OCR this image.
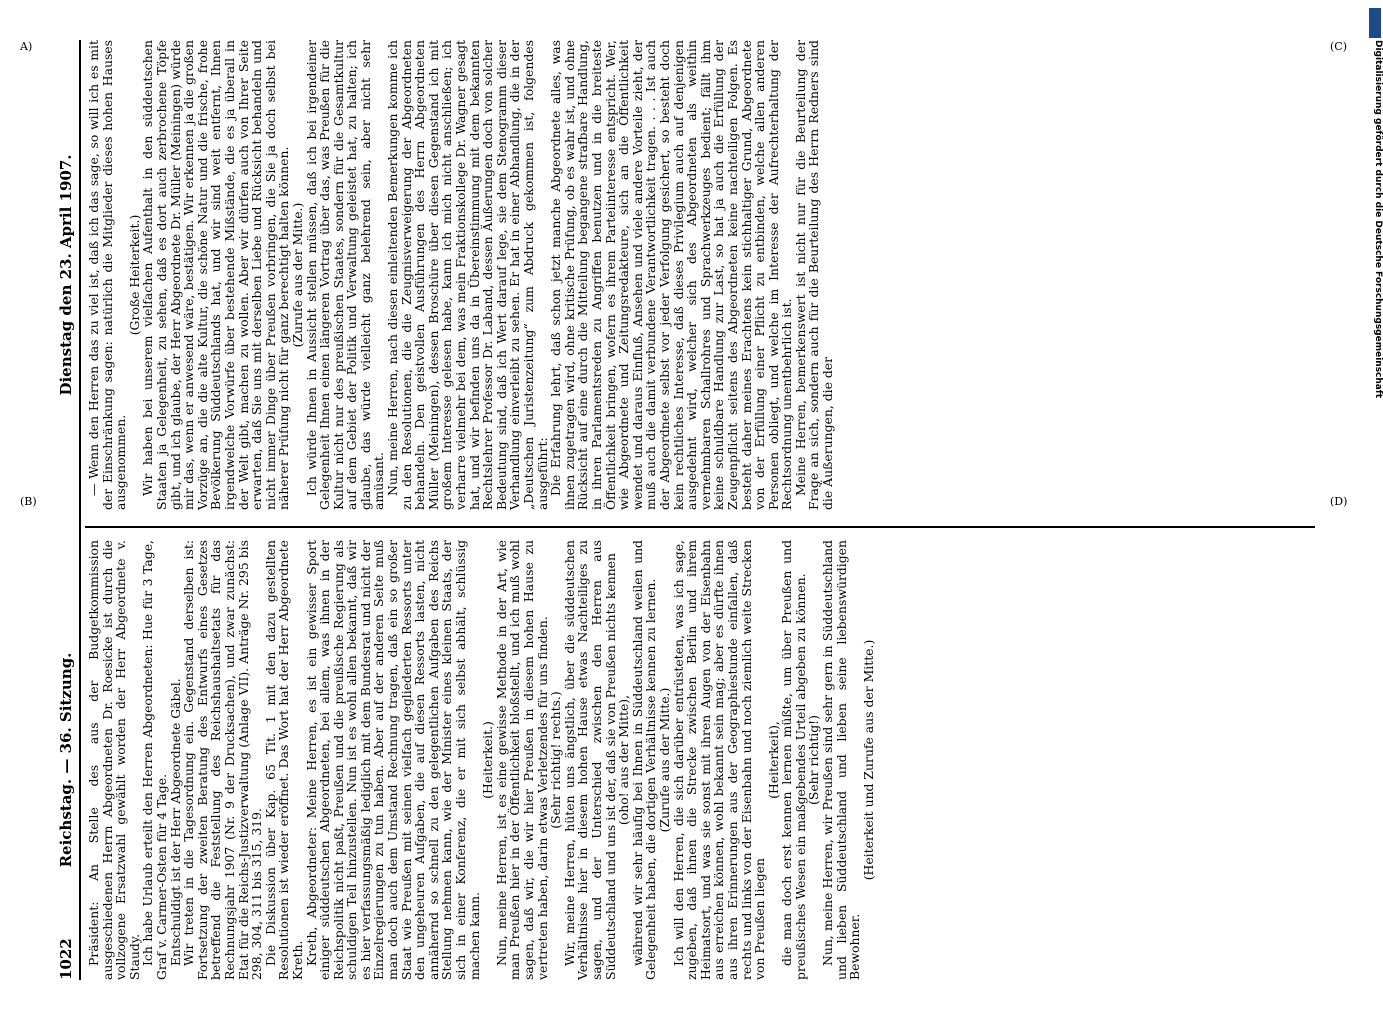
1022
Reichstag. — 36. Sitzung.
Dienstag den 23. April 1907.

Präsident: An Stelle des aus der Budgetkommission ausgeschiedenen Herrn Abgeordneten Dr. Roesicke ist durch die vollzogene Ersatzwahl gewählt worden der Herr Abgeordnete v. Staudy.

Ich habe Urlaub erteilt den Herren Abgeordneten: Hue für 3 Tage, Graf v. Carmer-Osten für 4 Tage.

Entschuldigt ist der Herr Abgeordnete Gäbel.

Wir treten in die Tagesordnung ein. Gegenstand derselben ist: Fortsetzung der zweiten Beratung des Entwurfs eines Gesetzes betreffend die Feststellung des Reichshaushaltsetats für das Rechnungsjahr 1907 (Nr. 9 der Drucksachen), und zwar zunächst: Etat für die Reichs-Justizverwaltung (Anlage VII). Anträge Nr. 295 bis 298, 304, 311 bis 315, 319.

Die Diskussion über Kap. 65 Tit. 1 mit den dazu gestellten Resolutionen ist wieder eröffnet. Das Wort hat der Herr Abgeordnete Kreth.

Kreth, Abgeordneter: Meine Herren, es ist ein gewisser Sport einiger süddeutschen Abgeordneten, bei allem, was ihnen in der Reichspolitik nicht paßt, Preußen und die preußische Regierung als schuldigen Teil hinzustellen. Nun ist es wohl allen bekannt, daß wir es hier verfassungsmäßig lediglich mit dem Bundesrat und nicht der Einzelregierungen zu tun haben. Aber auf der anderen Seite muß man doch auch dem Umstand Rechnung tragen, daß ein so großer Staat wie Preußen mit seinen vielfach gegliederten Ressorts unter den ungeheuren Aufgaben, die auf diesen Ressorts lasten, nicht annähernd so schnell zu den gelegentlichen Aufgaben des Reichs Stellung nehmen kann, wie der Minister eines kleinen Staats, der sich in einer Konferenz, die er mit sich selbst abhält, schlüssig machen kann.

(Heiterkeit.)

Nun, meine Herren, ist es eine gewisse Methode in der Art, wie man Preußen hier in der Öffentlichkeit bloßstellt, und ich muß wohl sagen, daß wir, die wir hier Preußen in diesem hohen Hause zu vertreten haben, darin etwas Verletzendes für uns finden.

(Sehr richtig! rechts.)

Wir, meine Herren, hüten uns ängstlich, über die süddeutschen Verhältnisse hier in diesem hohen Hause etwas Nachteiliges zu sagen, und der Unterschied zwischen den Herren aus Süddeutschland und uns ist der, daß sie von Preußen nichts kennen

(oho! aus der Mitte),

während wir sehr häufig bei Ihnen in Süddeutschland weilen und Gelegenheit haben, die dortigen Verhältnisse kennen zu lernen.

(Zurufe aus der Mitte.)

Ich will den Herren, die sich darüber entrüsteten, was ich sage, zugeben, daß ihnen die Strecke zwischen Berlin und ihrem Heimatsort, und was sie sonst mit ihren Augen von der Eisenbahn aus erreichen können, wohl bekannt sein mag; aber es dürfte ihnen aus ihren Erinnerungen aus der Geographiestunde einfallen, daß rechts und links von der Eisenbahn und noch ziemlich weite Strecken von Preußen liegen

(Heiterkeit),

die man doch erst kennen lernen müßte, um über Preußen und preußisches Wesen ein maßgebendes Urteil abgeben zu können.

(Sehr richtig!)

Nun, meine Herren, wir Preußen sind sehr gern in Süddeutschland und lieben Süddeutschland und lieben seine liebenswürdigen Bewohner.

(Heiterkeit und Zurufe aus der Mitte.)

— Wenn den Herren das zu viel ist, daß ich das sage, so will ich es mit der Einschränkung sagen: natürlich die Mitglieder dieses hohen Hauses ausgenommen.

(Große Heiterkeit.)

Wir haben bei unserem vielfachen Aufenthalt in den süddeutschen Staaten ja Gelegenheit, zu sehen, daß es dort auch zerbrochene Töpfe gibt, und ich glaube, der Herr Abgeordnete Dr. Müller (Meiningen) würde mir das, wenn er anwesend wäre, bestätigen. Wir erkennen ja die großen Vorzüge an, die die alte Kultur, die schöne Natur und die frische, frohe Bevölkerung Süddeutschlands hat, und wir sind weit entfernt, Ihnen irgendwelche Vorwürfe über bestehende Mißstände, die es ja überall in der Welt gibt, machen zu wollen. Aber wir dürfen auch von Ihrer Seite erwarten, daß Sie uns mit derselben Liebe und Rücksicht behandeln und nicht immer Dinge über Preußen vorbringen, die Sie ja doch selbst bei näherer Prüfung nicht für ganz berechtigt halten können.

(Zurufe aus der Mitte.)

Ich würde Ihnen in Aussicht stellen müssen, daß ich bei irgendeiner Gelegenheit Ihnen einen längeren Vortrag über das, was Preußen für die Kultur nicht nur des preußischen Staates, sondern für die Gesamtkultur auf dem Gebiet der Politik und Verwaltung geleistet hat, zu halten; ich glaube, das würde vielleicht ganz belehrend sein, aber nicht sehr amüsant.

Nun, meine Herren, nach diesen einleitenden Bemerkungen komme ich zu den Resolutionen, die die Zeugnisverweigerung der Abgeordneten behandeln. Den geistvollen Ausführungen des Herrn Abgeordneten Müller (Meiningen), dessen Broschüre über diesen Gegenstand ich mit großem Interesse gelesen habe, kann ich mich nicht anschließen; ich verharre vielmehr bei dem, was mein Fraktionskollege Dr. Wagner gesagt hat, und wir befinden uns da in Übereinstimmung mit dem bekannten Rechtslehrer Professor Dr. Laband, dessen Äußerungen doch von solcher Bedeutung sind, daß ich Wert darauf lege, sie dem Stenogramm dieser Verhandlung einverleibt zu sehen. Er hat in einer Abhandlung, die in der „Deutschen Juristenzeitung“ zum Abdruck gekommen ist, folgendes ausgeführt:

Die Erfahrung lehrt, daß schon jetzt manche Abgeordnete alles, was ihnen zugetragen wird, ohne kritische Prüfung, ob es wahr ist, und ohne Rücksicht auf eine durch die Mitteilung begangene strafbare Handlung, in ihren Parlamentsreden zu Angriffen benutzen und in die breiteste Öffentlichkeit bringen, wofern es ihrem Parteiinteresse entspricht. Wer, wie Abgeordnete und Zeitungsredakteure, sich an die Öffentlichkeit wendet und daraus Einfluß, Ansehen und viele andere Vorteile zieht, der muß auch die damit verbundene Verantwortlichkeit tragen. . . . Ist auch der Abgeordnete selbst vor jeder Verfolgung gesichert, so besteht doch kein rechtliches Interesse, daß dieses Privilegium auch auf denjenigen ausgedehnt wird, welcher sich des Abgeordneten als weithin vernehmbaren Schallrohres und Sprachwerkzeuges bedient; fällt ihm keine schuldbare Handlung zur Last, so hat ja auch die Erfüllung der Zeugenpflicht seitens des Abgeordneten keine nachteiligen Folgen. Es besteht daher meines Erachtens kein stichhaltiger Grund, Abgeordnete von der Erfüllung einer Pflicht zu entbinden, welche allen anderen Personen obliegt, und welche im Interesse der Aufrechterhaltung der Rechtsordnung unentbehrlich ist.

Meine Herren, bemerkenswert ist nicht nur für die Beurteilung der Frage an sich, sondern auch für die Beurteilung des Herrn Redners sind die Äußerungen, die der

A)
(B)
(C)
(D)
Digitalisierung gefördert durch die Deutsche Forschungsgemeinschaft
